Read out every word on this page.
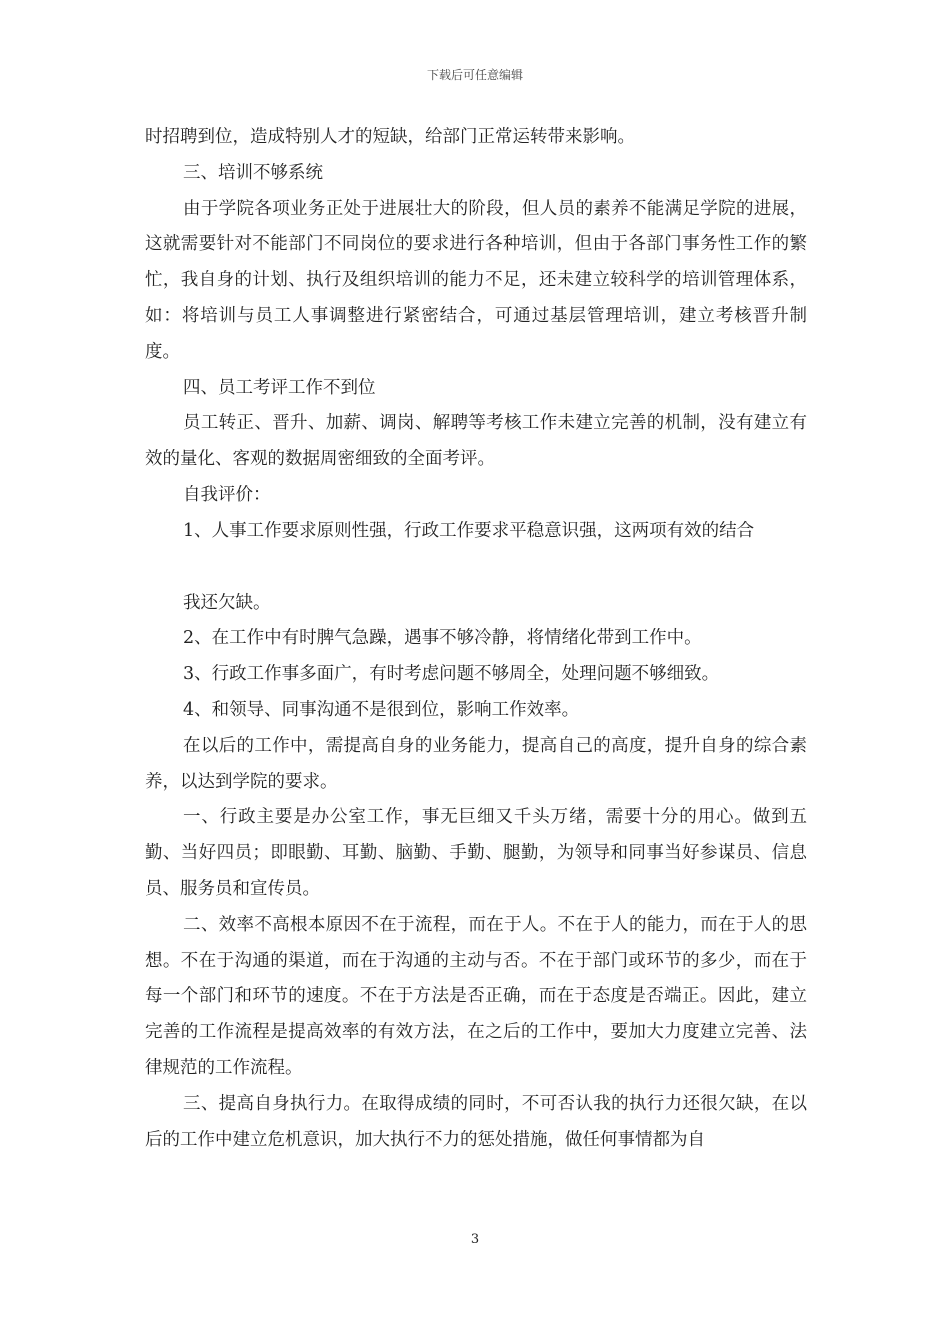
下载后可任意编辑

时招聘到位，造成特别人才的短缺，给部门正常运转带来影响。

三、培训不够系统

由于学院各项业务正处于进展壮大的阶段，但人员的素养不能满足学院的进展，这就需要针对不能部门不同岗位的要求进行各种培训，但由于各部门事务性工作的繁忙，我自身的计划、执行及组织培训的能力不足，还未建立较科学的培训管理体系，如：将培训与员工人事调整进行紧密结合，可通过基层管理培训，建立考核晋升制度。

四、员工考评工作不到位

员工转正、晋升、加薪、调岗、解聘等考核工作未建立完善的机制，没有建立有效的量化、客观的数据周密细致的全面考评。

自我评价：

1、人事工作要求原则性强，行政工作要求平稳意识强，这两项有效的结合

我还欠缺。

2、在工作中有时脾气急躁，遇事不够冷静，将情绪化带到工作中。

3、行政工作事多面广，有时考虑问题不够周全，处理问题不够细致。

4、和领导、同事沟通不是很到位，影响工作效率。

在以后的工作中，需提高自身的业务能力，提高自己的高度，提升自身的综合素养，以达到学院的要求。

一、行政主要是办公室工作，事无巨细又千头万绪，需要十分的用心。做到五勤、当好四员；即眼勤、耳勤、脑勤、手勤、腿勤，为领导和同事当好参谋员、信息员、服务员和宣传员。

二、效率不高根本原因不在于流程，而在于人。不在于人的能力，而在于人的思想。不在于沟通的渠道，而在于沟通的主动与否。不在于部门或环节的多少，而在于每一个部门和环节的速度。不在于方法是否正确，而在于态度是否端正。因此，建立完善的工作流程是提高效率的有效方法，在之后的工作中，要加大力度建立完善、法律规范的工作流程。

三、提高自身执行力。在取得成绩的同时，不可否认我的执行力还很欠缺，在以后的工作中建立危机意识，加大执行不力的惩处措施，做任何事情都为自

3
